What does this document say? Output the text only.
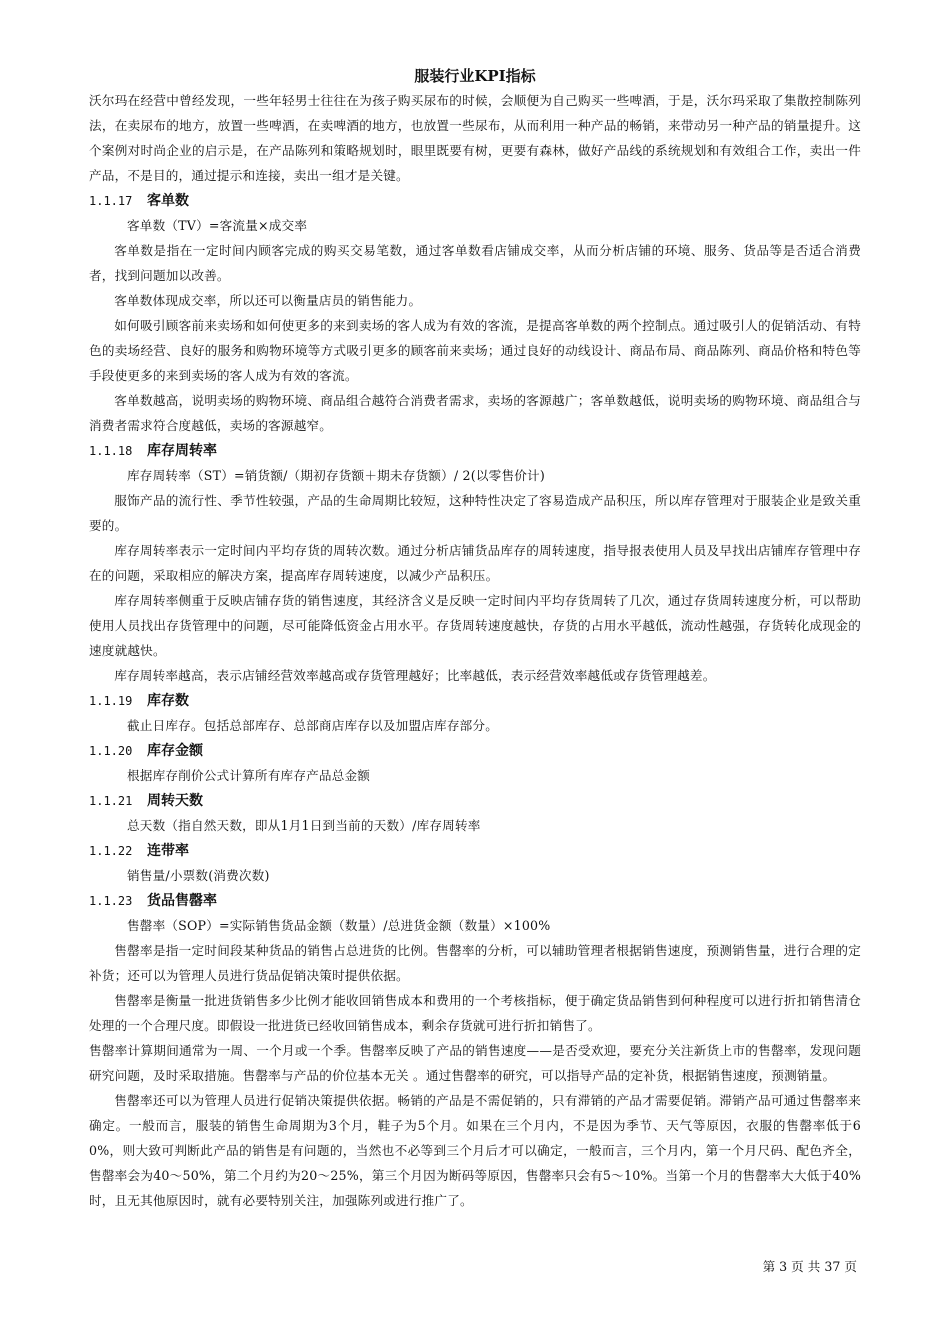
服装行业KPI指标

沃尔玛在经营中曾经发现，一些年轻男士往往在为孩子购买尿布的时候，会顺便为自己购买一些啤酒，于是，沃尔玛采取了集散控制陈列法，在卖尿布的地方，放置一些啤酒，在卖啤酒的地方，也放置一些尿布，从而利用一种产品的畅销，来带动另一种产品的销量提升。这个案例对时尚企业的启示是，在产品陈列和策略规划时，眼里既要有树，更要有森林，做好产品线的系统规划和有效组合工作，卖出一件产品，不是目的，通过提示和连接，卖出一组才是关键。

1.1.17 客单数

客单数（TV）=客流量×成交率

客单数是指在一定时间内顾客完成的购买交易笔数，通过客单数看店铺成交率，从而分析店铺的环境、服务、货品等是否适合消费者，找到问题加以改善。

客单数体现成交率，所以还可以衡量店员的销售能力。

如何吸引顾客前来卖场和如何使更多的来到卖场的客人成为有效的客流，是提高客单数的两个控制点。通过吸引人的促销活动、有特色的卖场经营、良好的服务和购物环境等方式吸引更多的顾客前来卖场；通过良好的动线设计、商品布局、商品陈列、商品价格和特色等手段使更多的来到卖场的客人成为有效的客流。

客单数越高，说明卖场的购物环境、商品组合越符合消费者需求，卖场的客源越广；客单数越低，说明卖场的购物环境、商品组合与消费者需求符合度越低，卖场的客源越窄。

1.1.18 库存周转率

库存周转率（ST）=销货额/（期初存货额＋期未存货额）/ 2(以零售价计)

服饰产品的流行性、季节性较强，产品的生命周期比较短，这种特性决定了容易造成产品积压，所以库存管理对于服装企业是致关重要的。

库存周转率表示一定时间内平均存货的周转次数。通过分析店铺货品库存的周转速度，指导报表使用人员及早找出店铺库存管理中存在的问题，采取相应的解决方案，提高库存周转速度，以减少产品积压。

库存周转率侧重于反映店铺存货的销售速度，其经济含义是反映一定时间内平均存货周转了几次，通过存货周转速度分析，可以帮助使用人员找出存货管理中的问题，尽可能降低资金占用水平。存货周转速度越快，存货的占用水平越低，流动性越强，存货转化成现金的速度就越快。

库存周转率越高，表示店铺经营效率越高或存货管理越好；比率越低，表示经营效率越低或存货管理越差。

1.1.19 库存数

截止日库存。包括总部库存、总部商店库存以及加盟店库存部分。

1.1.20 库存金额

根据库存削价公式计算所有库存产品总金额

1.1.21 周转天数

总天数（指自然天数，即从1月1日到当前的天数）/库存周转率

1.1.22 连带率

销售量/小票数(消费次数)

1.1.23 货品售罄率

售罄率（SOP）=实际销售货品金额（数量）/总进货金额（数量）×100%

售罄率是指一定时间段某种货品的销售占总进货的比例。售罄率的分析，可以辅助管理者根据销售速度，预测销售量，进行合理的定补货；还可以为管理人员进行货品促销决策时提供依据。

售罄率是衡量一批进货销售多少比例才能收回销售成本和费用的一个考核指标，便于确定货品销售到何种程度可以进行折扣销售清仓处理的一个合理尺度。即假设一批进货已经收回销售成本，剩余存货就可进行折扣销售了。

售罄率计算期间通常为一周、一个月或一个季。售罄率反映了产品的销售速度——是否受欢迎，要充分关注新货上市的售罄率，发现问题研究问题，及时采取措施。售罄率与产品的价位基本无关 。通过售罄率的研究，可以指导产品的定补货，根据销售速度，预测销量。

售罄率还可以为管理人员进行促销决策提供依据。畅销的产品是不需促销的，只有滞销的产品才需要促销。滞销产品可通过售罄率来确定。一般而言，服装的销售生命周期为3个月，鞋子为5个月。如果在三个月内，不是因为季节、天气等原因，衣服的售罄率低于60%，则大致可判断此产品的销售是有问题的，当然也不必等到三个月后才可以确定，一般而言，三个月内，第一个月尺码、配色齐全，售罄率会为40～50%，第二个月约为20～25%，第三个月因为断码等原因，售罄率只会有5～10%。当第一个月的售罄率大大低于40%时，且无其他原因时，就有必要特别关注，加强陈列或进行推广了。

第 3 页 共 37 页
